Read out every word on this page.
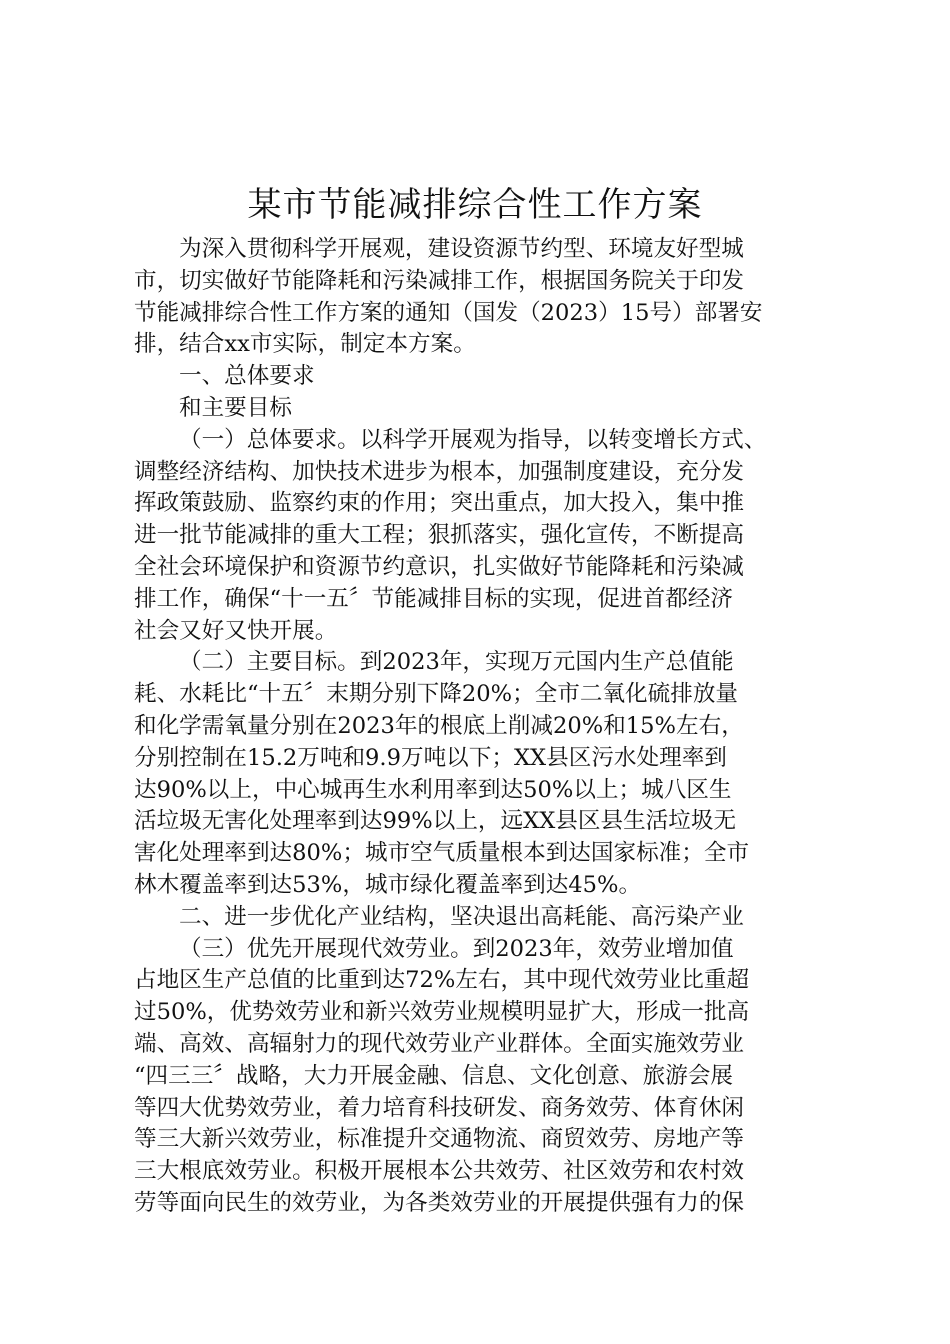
某市节能减排综合性工作方案
为深入贯彻科学开展观，建设资源节约型、环境友好型城
市，切实做好节能降耗和污染减排工作，根据国务院关于印发
节能减排综合性工作方案的通知（国发（2023）15号）部署安
排，结合xx市实际，制定本方案。
一、总体要求
和主要目标
（一）总体要求。以科学开展观为指导，以转变增长方式、
调整经济结构、加快技术进步为根本，加强制度建设，充分发
挥政策鼓励、监察约束的作用；突出重点，加大投入，集中推
进一批节能减排的重大工程；狠抓落实，强化宣传，不断提高
全社会环境保护和资源节约意识，扎实做好节能降耗和污染减
排工作，确保“十一五〞节能减排目标的实现，促进首都经济
社会又好又快开展。
（二）主要目标。到2023年，实现万元国内生产总值能
耗、水耗比“十五〞末期分别下降20%；全市二氧化硫排放量
和化学需氧量分别在2023年的根底上削减20%和15%左右，
分别控制在15.2万吨和9.9万吨以下；XX县区污水处理率到
达90%以上，中心城再生水利用率到达50%以上；城八区生
活垃圾无害化处理率到达99%以上，远XX县区县生活垃圾无
害化处理率到达80%；城市空气质量根本到达国家标准；全市
林木覆盖率到达53%，城市绿化覆盖率到达45%。
二、进一步优化产业结构，坚决退出高耗能、高污染产业
（三）优先开展现代效劳业。到2023年，效劳业增加值
占地区生产总值的比重到达72%左右，其中现代效劳业比重超
过50%，优势效劳业和新兴效劳业规模明显扩大，形成一批高
端、高效、高辐射力的现代效劳业产业群体。全面实施效劳业
“四三三〞战略，大力开展金融、信息、文化创意、旅游会展
等四大优势效劳业，着力培育科技研发、商务效劳、体育休闲
等三大新兴效劳业，标准提升交通物流、商贸效劳、房地产等
三大根底效劳业。积极开展根本公共效劳、社区效劳和农村效
劳等面向民生的效劳业，为各类效劳业的开展提供强有力的保
